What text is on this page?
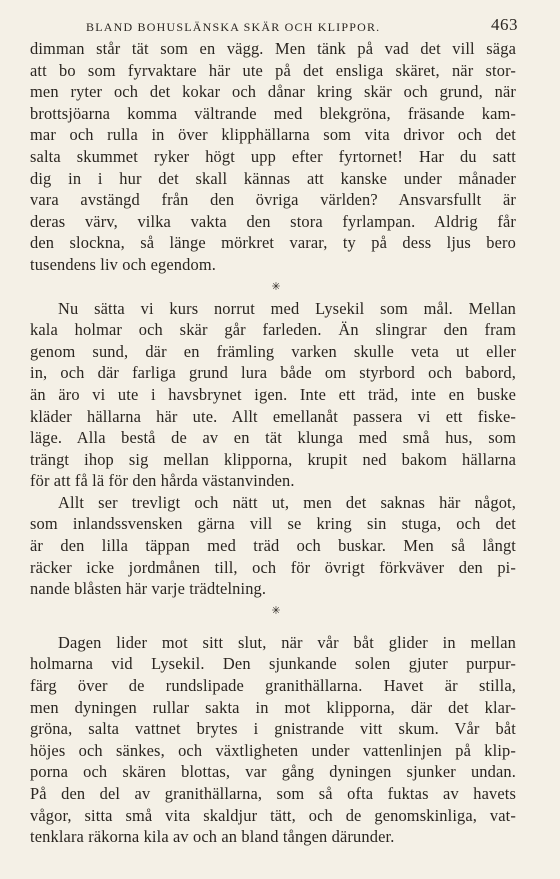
BLAND BOHUSLÄNSKA SKÄR OCH KLIPPOR.	463
dimman står tät som en vägg. Men tänk på vad det vill säga
att bo som fyrvaktare här ute på det ensliga skäret, när stor-
men ryter och det kokar och dånar kring skär och grund, när
brottsjöarna komma vältrande med blekgröna, fräsande kam-
mar och rulla in över klipphällarna som vita drivor och det
salta skummet ryker högt upp efter fyrtornet! Har du satt
dig in i hur det skall kännas att kanske under månader
vara avstängd från den övriga världen? Ansvarsfullt är
deras värv, vilka vakta den stora fyrlampan. Aldrig får
den slockna, så länge mörkret varar, ty på dess ljus bero
tusendens liv och egendom.
✳
Nu sätta vi kurs norrut med Lysekil som mål. Mellan
kala holmar och skär går farleden. Än slingrar den fram
genom sund, där en främling varken skulle veta ut eller
in, och där farliga grund lura både om styrbord och babord,
än äro vi ute i havsbrynet igen. Inte ett träd, inte en buske
kläder hällarna här ute. Allt emellanåt passera vi ett fiske-
läge. Alla bestå de av en tät klunga med små hus, som
trängt ihop sig mellan klipporna, krupit ned bakom hällarna
för att få lä för den hårda västanvinden.
Allt ser trevligt och nätt ut, men det saknas här något,
som inlandssvensken gärna vill se kring sin stuga, och det
är den lilla täppan med träd och buskar. Men så långt
räcker icke jordmånen till, och för övrigt förkväver den pi-
nande blåsten här varje trädtelning.
✳
Dagen lider mot sitt slut, när vår båt glider in mellan
holmarna vid Lysekil. Den sjunkande solen gjuter purpur-
färg över de rundslipade granithällarna. Havet är stilla,
men dyningen rullar sakta in mot klipporna, där det klar-
gröna, salta vattnet brytes i gnistrande vitt skum. Vår båt
höjes och sänkes, och växtligheten under vattenlinjen på klip-
porna och skären blottas, var gång dyningen sjunker undan.
På den del av granithällarna, som så ofta fuktas av havets
vågor, sitta små vita skaldjur tätt, och de genomskinliga, vat-
tenklara räkorna kila av och an bland tången därunder.
